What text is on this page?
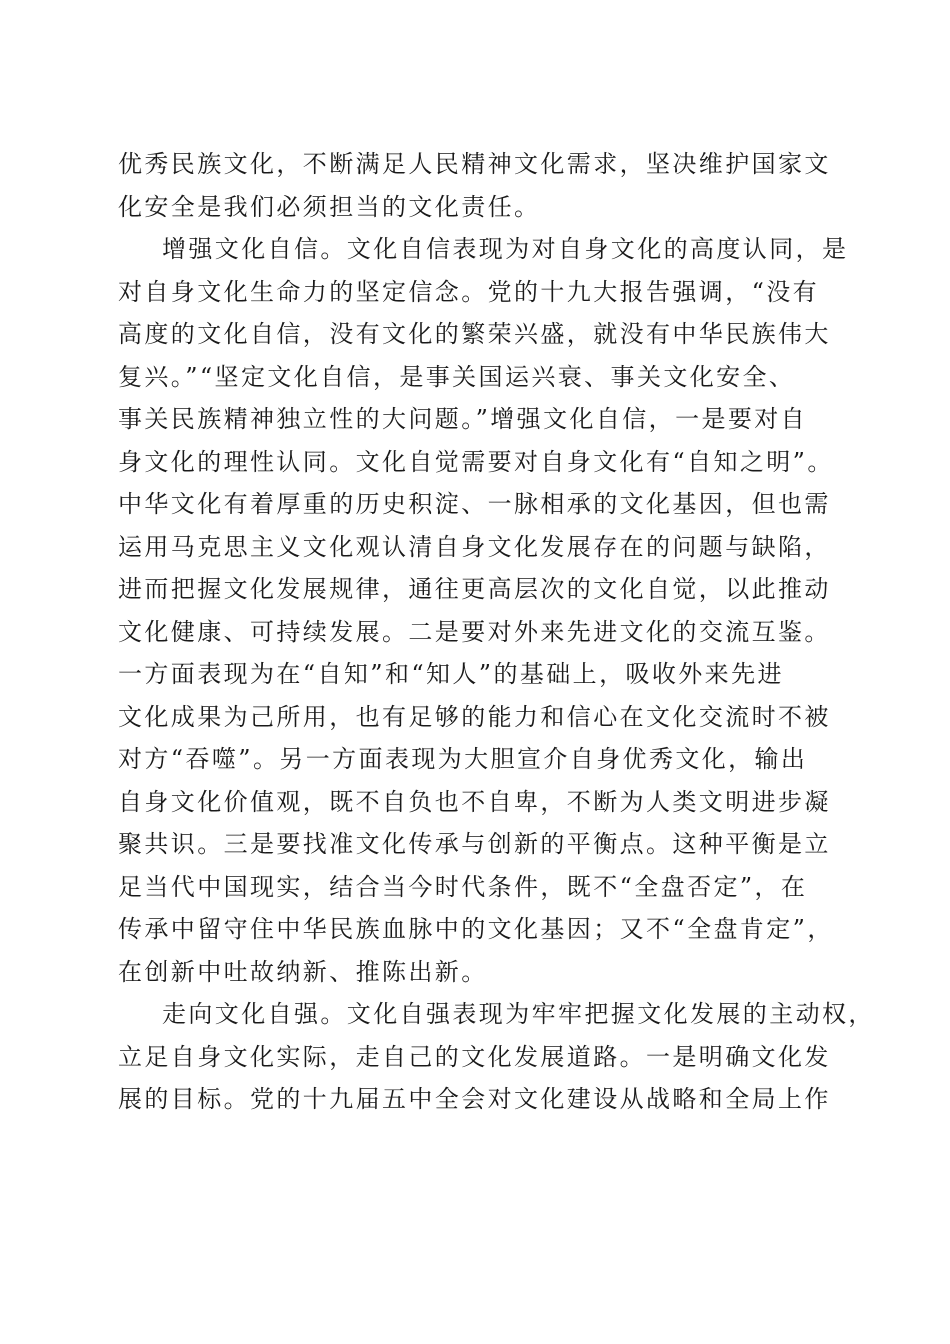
优秀民族文化，不断满足人民精神文化需求，坚决维护国家文
化安全是我们必须担当的文化责任。
增强文化自信。文化自信表现为对自身文化的高度认同，是
对自身文化生命力的坚定信念。党的十九大报告强调，“没有
高度的文化自信，没有文化的繁荣兴盛，就没有中华民族伟大
复兴。”“坚定文化自信，是事关国运兴衰、事关文化安全、
事关民族精神独立性的大问题。”增强文化自信，一是要对自
身文化的理性认同。文化自觉需要对自身文化有“自知之明”。
中华文化有着厚重的历史积淀、一脉相承的文化基因，但也需
运用马克思主义文化观认清自身文化发展存在的问题与缺陷，
进而把握文化发展规律，通往更高层次的文化自觉，以此推动
文化健康、可持续发展。二是要对外来先进文化的交流互鉴。
一方面表现为在“自知”和“知人”的基础上，吸收外来先进
文化成果为己所用，也有足够的能力和信心在文化交流时不被
对方“吞噬”。另一方面表现为大胆宣介自身优秀文化，输出
自身文化价值观，既不自负也不自卑，不断为人类文明进步凝
聚共识。三是要找准文化传承与创新的平衡点。这种平衡是立
足当代中国现实，结合当今时代条件，既不“全盘否定”，在
传承中留守住中华民族血脉中的文化基因；又不“全盘肯定”，
在创新中吐故纳新、推陈出新。
走向文化自强。文化自强表现为牢牢把握文化发展的主动权，
立足自身文化实际，走自己的文化发展道路。一是明确文化发
展的目标。党的十九届五中全会对文化建设从战略和全局上作
